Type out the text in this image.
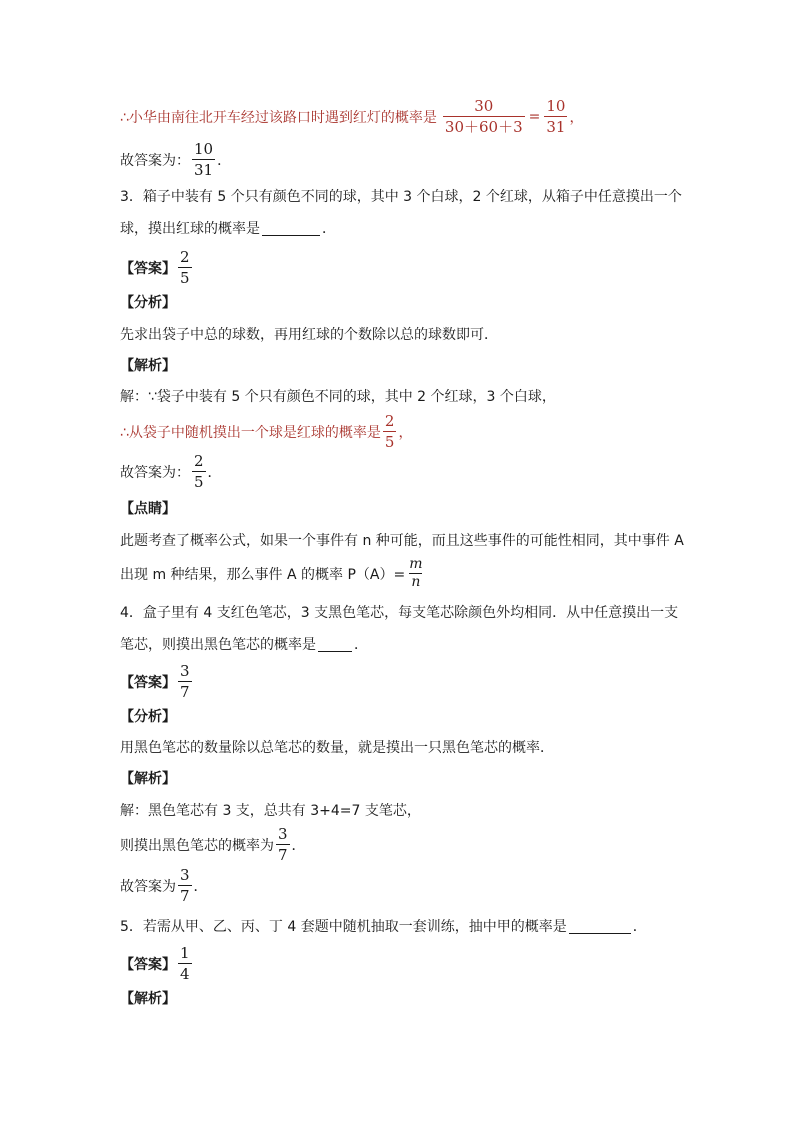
∴小华由南往北开车经过该路口时遇到红灯的概率是 $\frac{30}{30+60+3} = \frac{10}{31}$ ，
故答案为： $\frac{10}{31}$ ．
3．箱子中装有 5 个只有颜色不同的球，其中 3 个白球，2 个红球，从箱子中任意摸出一个
球，摸出红球的概率是	．
【答案】 $\frac{2}{5}$
【分析】
先求出袋子中总的球数，再用红球的个数除以总的球数即可．
【解析】
解：∵袋子中装有 5 个只有颜色不同的球，其中 2 个红球，3 个白球，
∴从袋子中随机摸出一个球是红球的概率是 $\frac{2}{5}$ ，
故答案为： $\frac{2}{5}$ ．
【点睛】
此题考查了概率公式，如果一个事件有 n 种可能，而且这些事件的可能性相同，其中事件 A
出现 m 种结果，那么事件 A 的概率 $P(A)= \frac{m}{n}$
4．盒子里有 4 支红色笔芯，3 支黑色笔芯，每支笔芯除颜色外均相同．从中任意摸出一支
笔芯，则摸出黑色笔芯的概率是	．
【答案】 $\frac{3}{7}$
【分析】
用黑色笔芯的数量除以总笔芯的数量，就是摸出一只黑色笔芯的概率．
【解析】
解：黑色笔芯有 3 支，总共有 3+4=7 支笔芯，
则摸出黑色笔芯的概率为 $\frac{3}{7}$ ．
故答案为 $\frac{3}{7}$ ．
5．若需从甲、乙、丙、丁 4 套题中随机抽取一套训练，抽中甲的概率是	．
【答案】 $\frac{1}{4}$
【解析】
